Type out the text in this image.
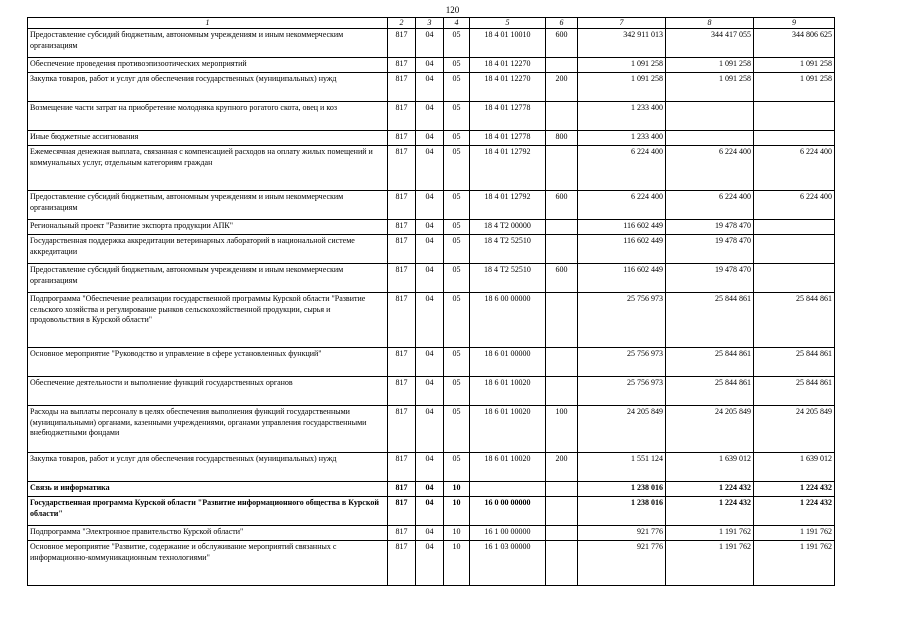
120
1	2	3	4	5	6	7	8	9
Предоставление субсидий бюджетным, автономным учреждениям и иным некоммерческим организациям	817	04	05	18 4 01 10010	600	342 911 013	344 417 055	344 806 625
Обеспечение проведения противоэпизоотических мероприятий	817	04	05	18 4 01 12270		1 091 258	1 091 258	1 091 258
Закупка товаров, работ и услуг для обеспечения государственных (муниципальных) нужд	817	04	05	18 4 01 12270	200	1 091 258	1 091 258	1 091 258
Возмещение части затрат на приобретение молодняка крупного рогатого скота, овец и коз	817	04	05	18 4 01 12778		1 233 400		
Иные бюджетные ассигнования	817	04	05	18 4 01 12778	800	1 233 400		
Ежемесячная денежная выплата, связанная с компенсацией расходов на оплату жилых помещений и коммунальных услуг, отдельным категориям граждан	817	04	05	18 4 01 12792		6 224 400	6 224 400	6 224 400
Предоставление субсидий бюджетным, автономным учреждениям и иным некоммерческим организациям	817	04	05	18 4 01 12792	600	6 224 400	6 224 400	6 224 400
Региональный проект "Развитие экспорта продукции АПК"	817	04	05	18 4 Т2 00000		116 602 449	19 478 470	
Государственная поддержка аккредитации ветеринарных лабораторий в национальной системе аккредитации	817	04	05	18 4 Т2 52510		116 602 449	19 478 470	
Предоставление субсидий бюджетным, автономным учреждениям и иным некоммерческим организациям	817	04	05	18 4 Т2 52510	600	116 602 449	19 478 470	
Подпрограмма "Обеспечение реализации государственной программы Курской области "Развитие сельского хозяйства и регулирование рынков сельскохозяйственной продукции, сырья и продовольствия в Курской области"	817	04	05	18 6 00 00000		25 756 973	25 844 861	25 844 861
Основное мероприятие "Руководство и управление в сфере установленных функций"	817	04	05	18 6 01 00000		25 756 973	25 844 861	25 844 861
Обеспечение деятельности и выполнение функций государственных органов	817	04	05	18 6 01 10020		25 756 973	25 844 861	25 844 861
Расходы на выплаты персоналу в целях обеспечения выполнения функций государственными (муниципальными) органами, казенными учреждениями, органами управления государственными внебюджетными фондами	817	04	05	18 6 01 10020	100	24 205 849	24 205 849	24 205 849
Закупка товаров, работ и услуг для обеспечения государственных (муниципальных) нужд	817	04	05	18 6 01 10020	200	1 551 124	1 639 012	1 639 012
Связь и информатика	817	04	10			1 238 016	1 224 432	1 224 432
Государственная программа Курской области "Развитие информационного общества в Курской области"	817	04	10	16 0 00 00000		1 238 016	1 224 432	1 224 432
Подпрограмма "Электронное правительство Курской области"	817	04	10	16 1 00 00000		921 776	1 191 762	1 191 762
Основное мероприятие "Развитие, содержание и обслуживание мероприятий связанных с информационно-коммуникационным технологиями"	817	04	10	16 1 03 00000		921 776	1 191 762	1 191 762
